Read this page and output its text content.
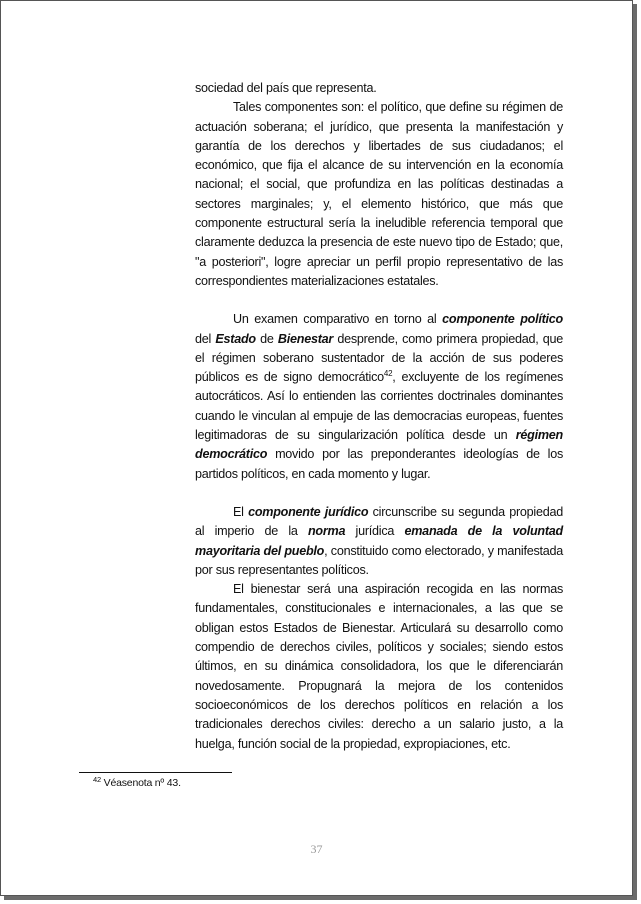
sociedad del país que representa.

Tales componentes son: el político, que define su régimen de actuación soberana; el jurídico, que presenta la manifestación y garantía de los derechos y libertades de sus ciudadanos; el económico, que fija el alcance de su intervención en la economía nacional; el social, que profundiza en las políticas destinadas a sectores marginales; y, el elemento histórico, que más que componente estructural sería la ineludible referencia temporal que claramente deduzca la presencia de este nuevo tipo de Estado; que, "a posteriori", logre apreciar un perfil propio representativo de las correspondientes materializaciones estatales.

Un examen comparativo en torno al componente político del Estado de Bienestar desprende, como primera propiedad, que el régimen soberano sustentador de la acción de sus poderes públicos es de signo democrático$^{42}$, excluyente de los regímenes autocráticos. Así lo entienden las corrientes doctrinales dominantes cuando le vinculan al empuje de las democracias europeas, fuentes legitimadoras de su singularización política desde un régimen democrático movido por las preponderantes ideologías de los partidos políticos, en cada momento y lugar.

El componente jurídico circunscribe su segunda propiedad al imperio de la norma jurídica emanada de la voluntad mayoritaria del pueblo, constituido como electorado, y manifestada por sus representantes políticos.

El bienestar será una aspiración recogida en las normas fundamentales, constitucionales e internacionales, a las que se obligan estos Estados de Bienestar. Articulará su desarrollo como compendio de derechos civiles, políticos y sociales; siendo estos últimos, en su dinámica consolidadora, los que le diferenciarán novedosamente. Propugnará la mejora de los contenidos socioeconómicos de los derechos políticos en relación a los tradicionales derechos civiles: derecho a un salario justo, a la huelga, función social de la propiedad, expropiaciones, etc.

$^{42}$ Véasenota nº 43.
37
